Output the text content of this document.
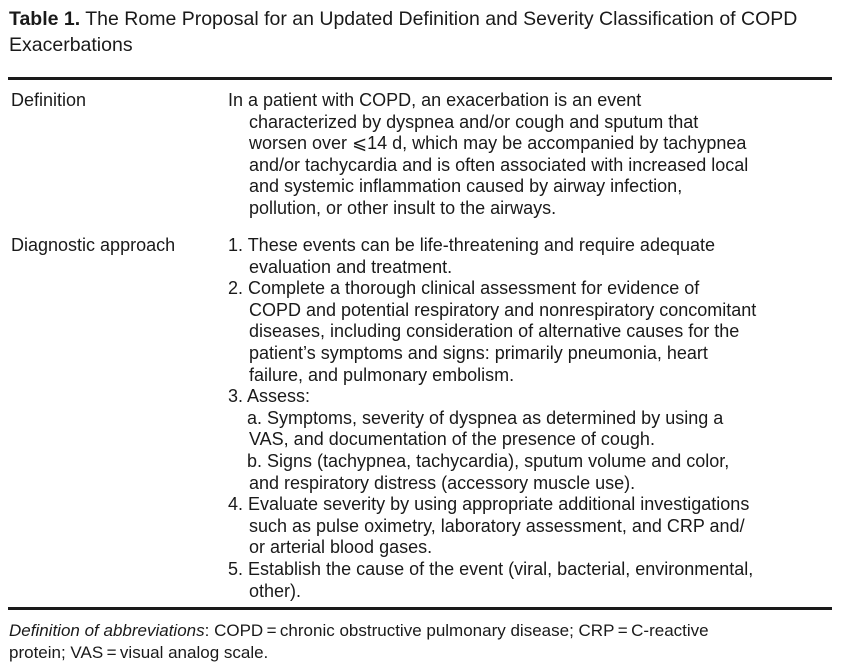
Table 1. The Rome Proposal for an Updated Definition and Severity Classification of COPD Exacerbations
Definition	In a patient with COPD, an exacerbation is an event
characterized by dyspnea and/or cough and sputum that
worsen over ⩽14 d, which may be accompanied by tachypnea
and/or tachycardia and is often associated with increased local
and systemic inflammation caused by airway infection,
pollution, or other insult to the airways.
Diagnostic approach	1. These events can be life-threatening and require adequate
evaluation and treatment.
2. Complete a thorough clinical assessment for evidence of
COPD and potential respiratory and nonrespiratory concomitant
diseases, including consideration of alternative causes for the
patient’s symptoms and signs: primarily pneumonia, heart
failure, and pulmonary embolism.
3. Assess:
a. Symptoms, severity of dyspnea as determined by using a
VAS, and documentation of the presence of cough.
b. Signs (tachypnea, tachycardia), sputum volume and color,
and respiratory distress (accessory muscle use).
4. Evaluate severity by using appropriate additional investigations
such as pulse oximetry, laboratory assessment, and CRP and/
or arterial blood gases.
5. Establish the cause of the event (viral, bacterial, environmental,
other).
Definition of abbreviations: COPD = chronic obstructive pulmonary disease; CRP = C-reactive
protein; VAS = visual analog scale.
